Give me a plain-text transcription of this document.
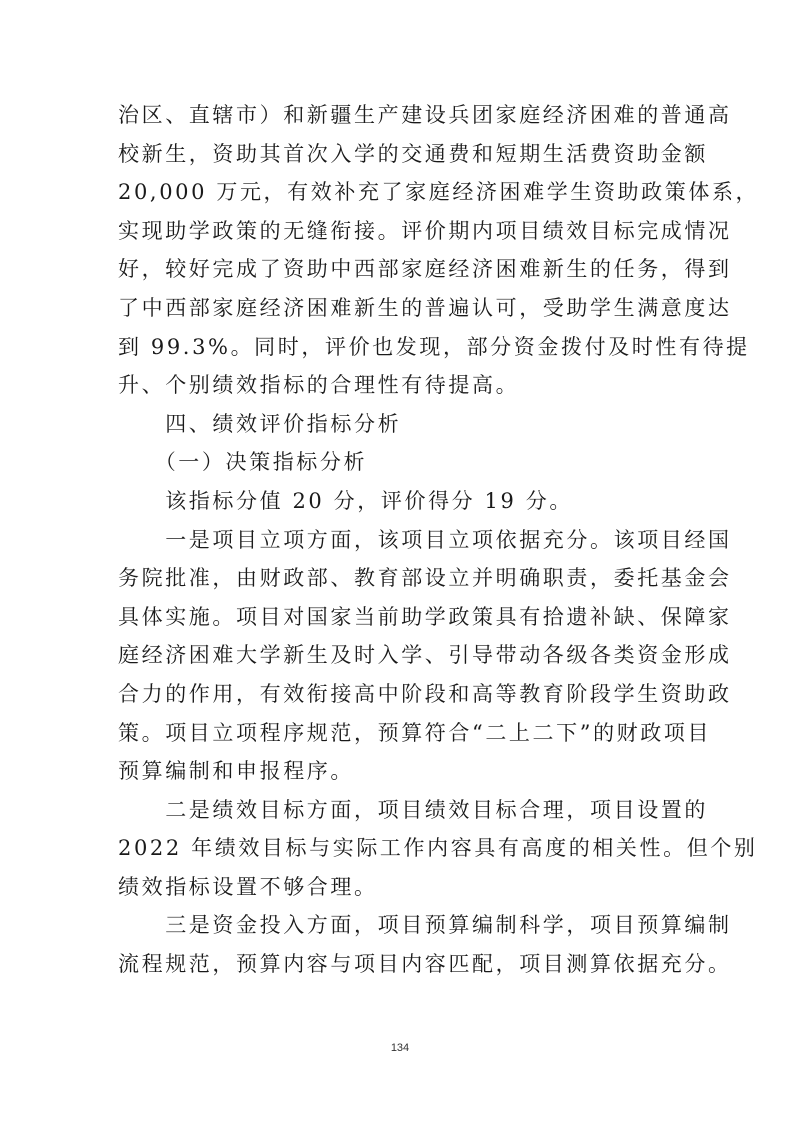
治区、直辖市）和新疆生产建设兵团家庭经济困难的普通高
校新生，资助其首次入学的交通费和短期生活费资助金额
20,000 万元，有效补充了家庭经济困难学生资助政策体系，
实现助学政策的无缝衔接。评价期内项目绩效目标完成情况
好，较好完成了资助中西部家庭经济困难新生的任务，得到
了中西部家庭经济困难新生的普遍认可，受助学生满意度达
到 99.3%。同时，评价也发现，部分资金拨付及时性有待提
升、个别绩效指标的合理性有待提高。
　　四、绩效评价指标分析
　　（一）决策指标分析
　　该指标分值 20 分，评价得分 19 分。
　　一是项目立项方面，该项目立项依据充分。该项目经国
务院批准，由财政部、教育部设立并明确职责，委托基金会
具体实施。项目对国家当前助学政策具有拾遗补缺、保障家
庭经济困难大学新生及时入学、引导带动各级各类资金形成
合力的作用，有效衔接高中阶段和高等教育阶段学生资助政
策。项目立项程序规范，预算符合“二上二下”的财政项目
预算编制和申报程序。
　　二是绩效目标方面，项目绩效目标合理，项目设置的
2022 年绩效目标与实际工作内容具有高度的相关性。但个别
绩效指标设置不够合理。
　　三是资金投入方面，项目预算编制科学，项目预算编制
流程规范，预算内容与项目内容匹配，项目测算依据充分。
134
